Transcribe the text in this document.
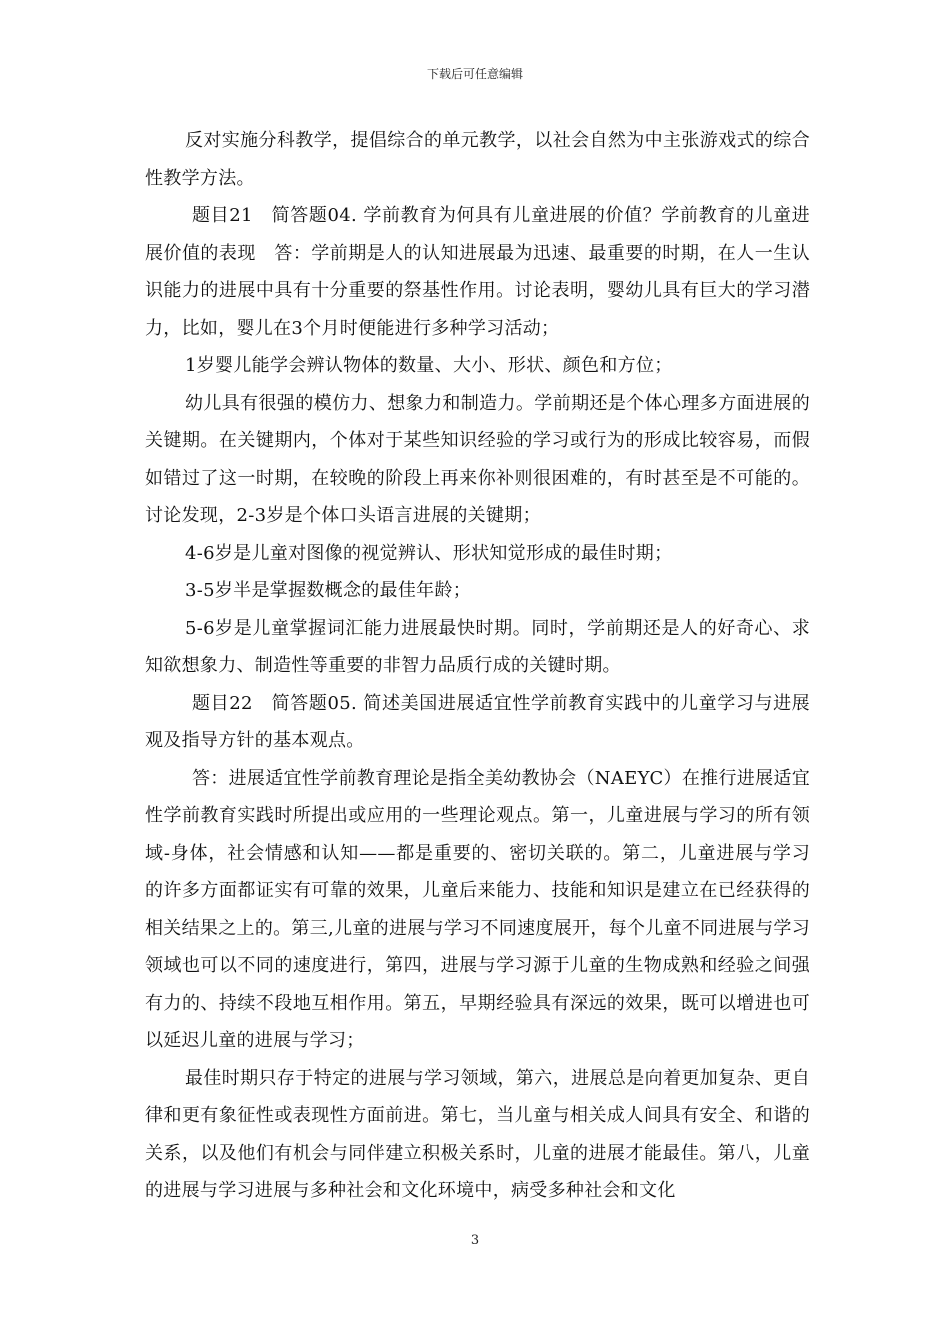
下载后可任意编辑

反对实施分科教学，提倡综合的单元教学，以社会自然为中主张游戏式的综合性教学方法。

题目21　简答题04. 学前教育为何具有儿童进展的价值？学前教育的儿童进展价值的表现　答：学前期是人的认知进展最为迅速、最重要的时期，在人一生认识能力的进展中具有十分重要的祭基性作用。讨论表明，婴幼儿具有巨大的学习潜力，比如，婴儿在3个月时便能进行多种学习活动；

1岁婴儿能学会辨认物体的数量、大小、形状、颜色和方位；

幼儿具有很强的模仿力、想象力和制造力。学前期还是个体心理多方面进展的关键期。在关键期内，个体对于某些知识经验的学习或行为的形成比较容易，而假如错过了这一时期，在较晚的阶段上再来你补则很困难的，有时甚至是不可能的。讨论发现，2-3岁是个体口头语言进展的关键期；

4-6岁是儿童对图像的视觉辨认、形状知觉形成的最佳时期；

3-5岁半是掌握数概念的最佳年龄；

5-6岁是儿童掌握词汇能力进展最快时期。同时，学前期还是人的好奇心、求知欲想象力、制造性等重要的非智力品质行成的关键时期。

题目22　简答题05. 简述美国进展适宜性学前教育实践中的儿童学习与进展观及指导方针的基本观点。

答：进展适宜性学前教育理论是指全美幼教协会（NAEYC）在推行进展适宜性学前教育实践时所提出或应用的一些理论观点。第一，儿童进展与学习的所有领域-身体，社会情感和认知——都是重要的、密切关联的。第二，儿童进展与学习的许多方面都证实有可靠的效果，儿童后来能力、技能和知识是建立在已经获得的相关结果之上的。第三,儿童的进展与学习不同速度展开，每个儿童不同进展与学习领域也可以不同的速度进行，第四，进展与学习源于儿童的生物成熟和经验之间强有力的、持续不段地互相作用。第五，早期经验具有深远的效果，既可以增进也可以延迟儿童的进展与学习；

最佳时期只存于特定的进展与学习领域，第六，进展总是向着更加复杂、更自律和更有象征性或表现性方面前进。第七，当儿童与相关成人间具有安全、和谐的关系，以及他们有机会与同伴建立积极关系时，儿童的进展才能最佳。第八，儿童的进展与学习进展与多种社会和文化环境中，病受多种社会和文化

3
